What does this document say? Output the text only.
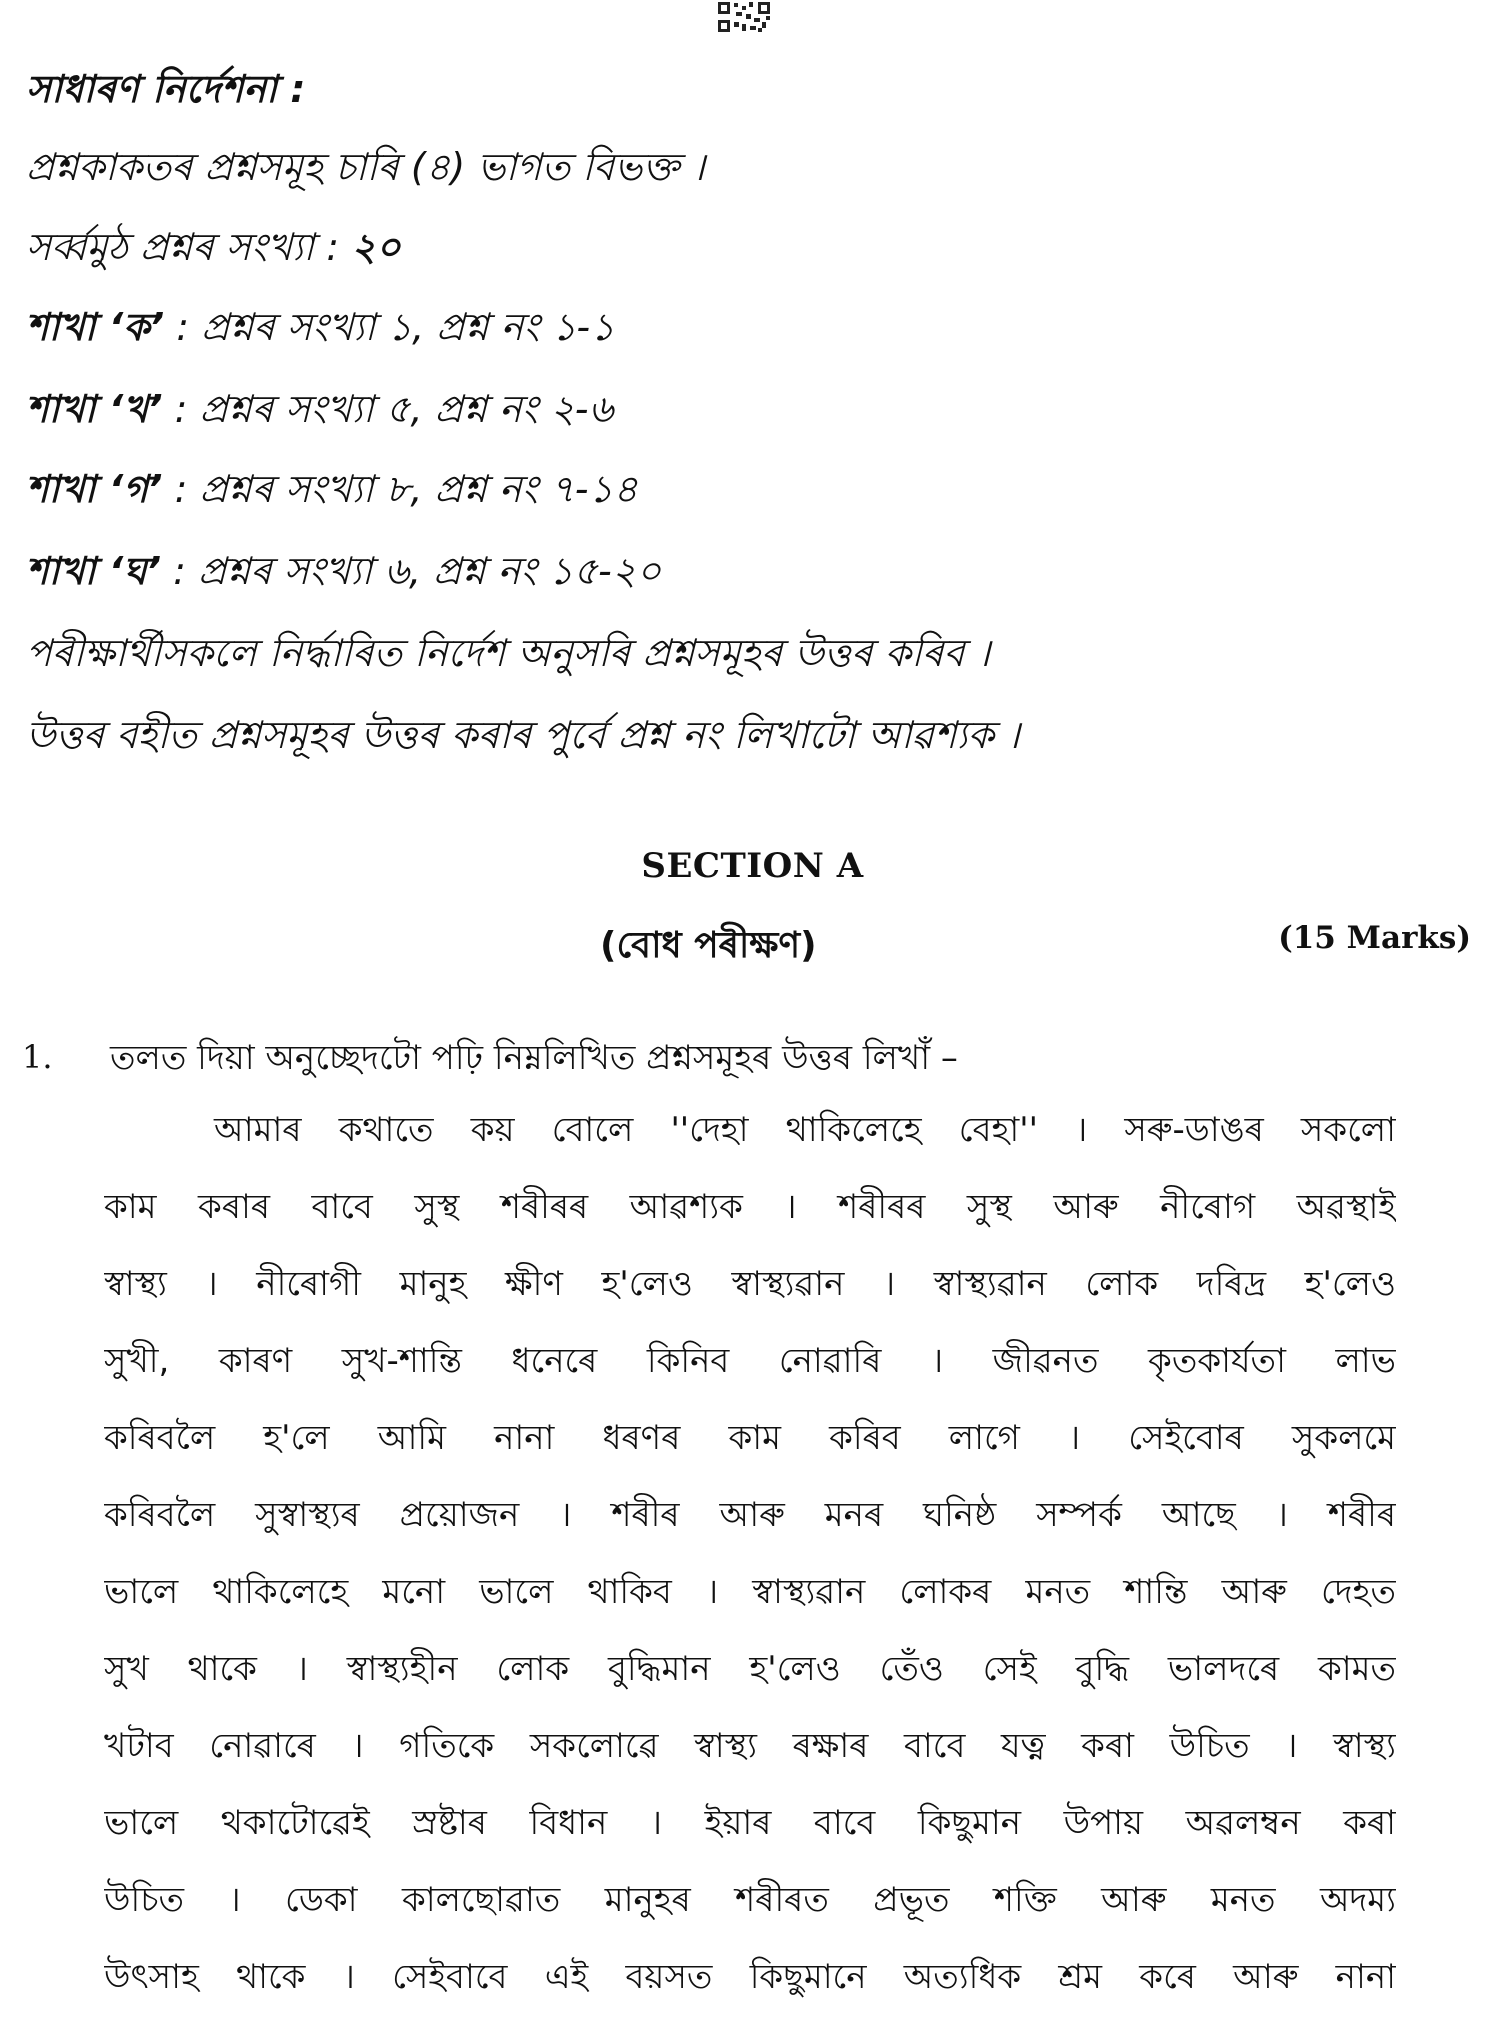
সাধাৰণ নিৰ্দেশনা :
প্ৰশ্নকাকতৰ প্ৰশ্নসমূহ চাৰি (৪) ভাগত বিভক্ত ।
সৰ্ব্বমুঠ প্ৰশ্নৰ সংখ্যা : ২০
শাখা ‘ক’ : প্ৰশ্নৰ সংখ্যা ১, প্ৰশ্ন নং ১-১
শাখা ‘খ’ : প্ৰশ্নৰ সংখ্যা ৫, প্ৰশ্ন নং ২-৬
শাখা ‘গ’ : প্ৰশ্নৰ সংখ্যা ৮, প্ৰশ্ন নং ৭-১৪
শাখা ‘ঘ’ : প্ৰশ্নৰ সংখ্যা ৬, প্ৰশ্ন নং ১৫-২০
পৰীক্ষাৰ্থীসকলে নিৰ্দ্ধাৰিত নিৰ্দেশ অনুসৰি প্ৰশ্নসমূহৰ উত্তৰ কৰিব ।
উত্তৰ বহীত প্ৰশ্নসমূহৰ উত্তৰ কৰাৰ পুৰ্বে প্ৰশ্ন নং লিখাটো আৱশ্যক ।
SECTION A
(বোধ পৰীক্ষণ)	(15 Marks)
1. তলত দিয়া অনুচ্ছেদটো পঢ়ি নিম্নলিখিত প্ৰশ্নসমূহৰ উত্তৰ লিখাঁ –
আমাৰ কথাতে কয় বোলে ''দেহা থাকিলেহে বেহা'' । সৰু-ডাঙৰ সকলো
কাম কৰাৰ বাবে সুস্থ শৰীৰৰ আৱশ্যক । শৰীৰৰ সুস্থ আৰু নীৰোগ অৱস্থাই
স্বাস্থ্য । নীৰোগী মানুহ ক্ষীণ হ'লেও স্বাস্থ্যৱান । স্বাস্থ্যৱান লোক দৰিদ্ৰ হ'লেও
সুখী, কাৰণ সুখ-শান্তি ধনেৰে কিনিব নোৱাৰি । জীৱনত কৃতকাৰ্যতা লাভ
কৰিবলৈ হ'লে আমি নানা ধৰণৰ কাম কৰিব লাগে । সেইবোৰ সুকলমে
কৰিবলৈ সুস্বাস্থ্যৰ প্ৰয়োজন । শৰীৰ আৰু মনৰ ঘনিষ্ঠ সম্পৰ্ক আছে । শৰীৰ
ভালে থাকিলেহে মনো ভালে থাকিব । স্বাস্থ্যৱান লোকৰ মনত শান্তি আৰু দেহত
সুখ থাকে । স্বাস্থ্যহীন লোক বুদ্ধিমান হ'লেও তেঁও সেই বুদ্ধি ভালদৰে কামত
খটাব নোৱাৰে । গতিকে সকলোৱে স্বাস্থ্য ৰক্ষাৰ বাবে যত্ন কৰা উচিত । স্বাস্থ্য
ভালে থকাটোৱেই স্ৰষ্টাৰ বিধান । ইয়াৰ বাবে কিছুমান উপায় অৱলম্বন কৰা
উচিত । ডেকা কালছোৱাত মানুহৰ শৰীৰত প্ৰভূত শক্তি আৰু মনত অদম্য
উৎসাহ থাকে । সেইবাবে এই বয়সত কিছুমানে অত্যধিক শ্ৰম কৰে আৰু নানা
